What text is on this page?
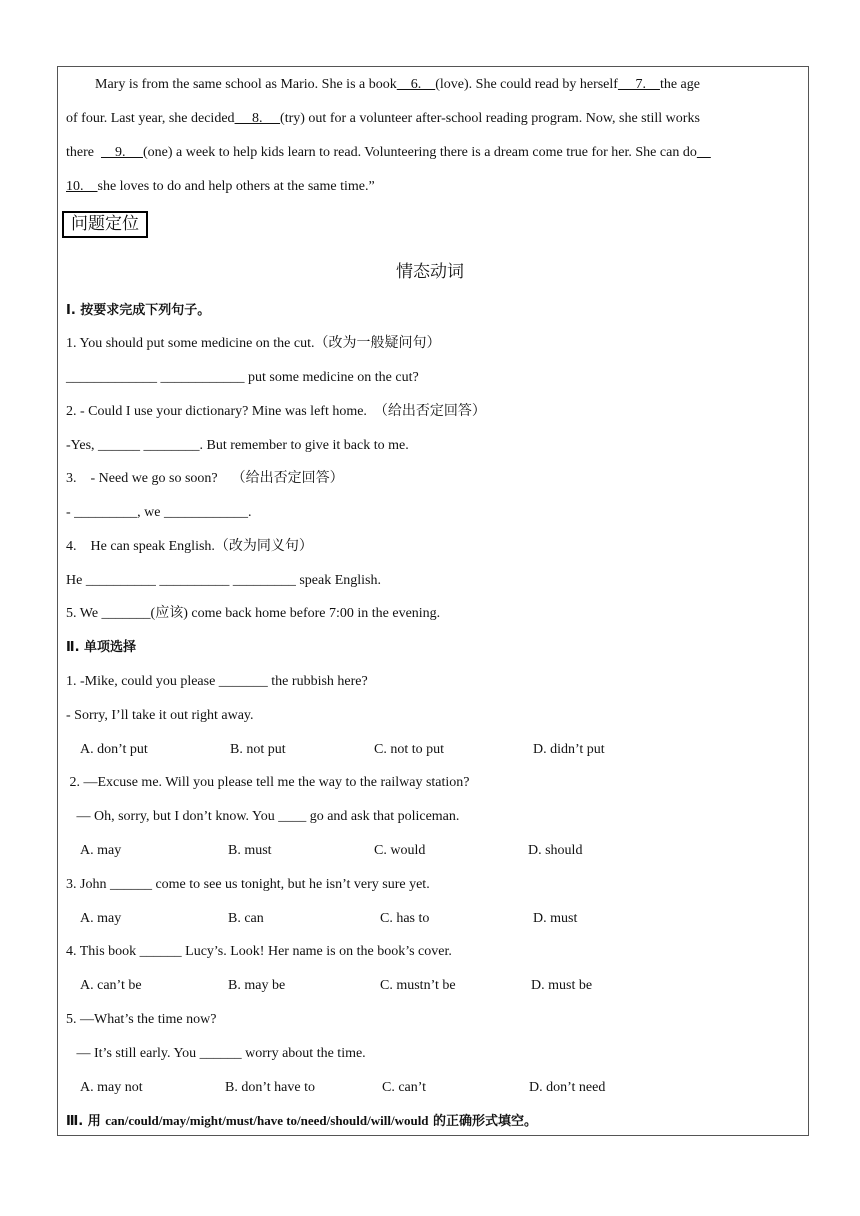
Mary is from the same school as Mario. She is a book    6.    (love). She could read by herself     7.    the age
of four. Last year, she decided     8.     (try) out for a volunteer after-school reading program. Now, she still works
there      9.     (one) a week to help kids learn to read. Volunteering there is a dream come true for her. She can do
10.    she loves to do and help others at the same time.”
问题定位
情态动词
Ⅰ. 按要求完成下列句子。
1. You should put some medicine on the cut.（改为一般疑问句）
_____________ ____________ put some medicine on the cut?
2. - Could I use your dictionary? Mine was left home.  （给出否定回答）
-Yes, ______ ________. But remember to give it back to me.
3.    - Need we go so soon?    （给出否定回答）
- _________, we ____________.
4.    He can speak English.（改为同义句）
He __________ __________ _________ speak English.
5. We _______(应该) come back home before 7:00 in the evening.
Ⅱ. 单项选择
1. -Mike, could you please _______ the rubbish here?
- Sorry, I’ll take it out right away.
A. don’t put	B. not put	C. not to put	D. didn’t put
2. —Excuse me. Will you please tell me the way to the railway station?
— Oh, sorry, but I don’t know. You ____ go and ask that policeman.
A. may	B. must	C. would	D. should
3. John ______ come to see us tonight, but he isn’t very sure yet.
A. may	B. can	C. has to	D. must
4. This book ______ Lucy’s. Look! Her name is on the book’s cover.
A. can’t be	B. may be	C. mustn’t be	D. must be
5. —What’s the time now?
— It’s still early. You ______ worry about the time.
A. may not	B. don’t have to	C. can’t	D. don’t need
Ⅲ. 用 can/could/may/might/must/have to/need/should/will/would 的正确形式填空。
